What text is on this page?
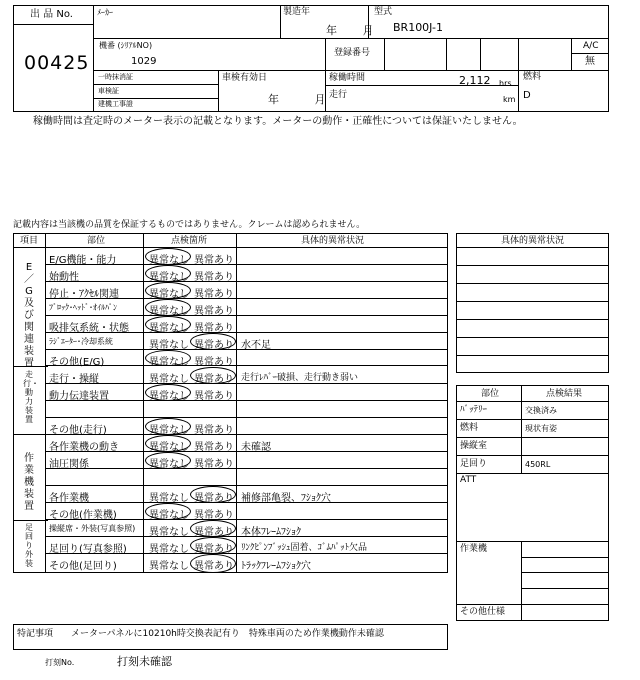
出 品 No.
00425
ﾒｰｶｰ	製造年
年 月
型式
BR100J-1
機番 (ｼﾘｱﾙNO)
1029
登録番号
A/C
無
一時抹消証
車検証
建機工事證
車検有効日
年 月
稼働時間	2,112 hrs
走行	km
燃料
D
稼働時間は査定時のメーター表示の記載となります。メーターの動作・正確性については保証いたしません。
記載内容は当該機の品質を保証するものではありません。クレームは認められません。
項目	部位	点検箇所	具体的異常状況
E／G及び関連装置
走行・動力装置
作業機装置
足回り外装
E/G機能・能力	異常なし 異常あり
始動性	異常なし 異常あり
停止・ｱｸｾﾙ関連	異常なし 異常あり
ﾌﾞﾛｯｸ･ﾍｯﾄﾞ･ｵｲﾙﾊﾟﾝ	異常なし 異常あり
吸排気系統・状態 異常なし 異常あり
ﾗｼﾞｴｰﾀｰ･冷却系統	異常なし 異常あり 水不足
その他(E/G)	異常なし 異常あり
走行・操縦	異常なし 異常あり 走行ﾚﾊﾞｰ破損、走行動き弱い
動力伝達装置	異常なし 異常あり
その他(走行)	異常なし 異常あり
各作業機の動き	異常なし 異常あり 未確認
油圧関係	異常なし 異常あり
各作業機	異常なし 異常あり 補修部亀裂、ﾌｼｮｸ穴
その他(作業機)	異常なし 異常あり
操縦席・外装(写真参照) 異常なし 異常あり 本体ﾌﾚｰﾑﾌｼｮｸ
足回り(写真参照) 異常なし 異常あり ﾘﾝｸﾋﾟﾝﾌﾞｯｼｭ固着、ｺﾞﾑﾊﾟｯﾄ欠品
その他(足回り)	異常なし 異常あり ﾄﾗｯｸﾌﾚｰﾑﾌｼｮｸ穴
具体的異常状況
部位	点検結果
ﾊﾞｯﾃﾘｰ	交換済み
燃料	現状有姿
操縦室
足回り	450RL
ATT
作業機
その他仕様
特記事項 メーターパネルに10210h時交換表記有り　特殊車両のため作業機動作未確認
打刻No.	打刻未確認
